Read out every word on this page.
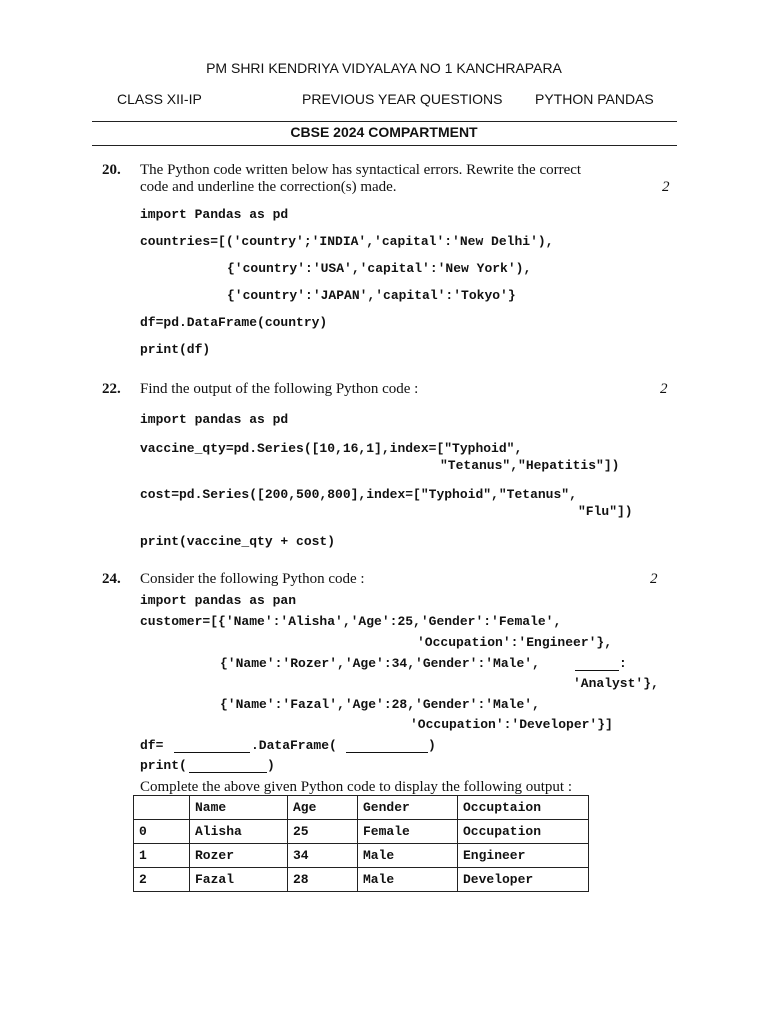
PM SHRI KENDRIYA VIDYALAYA NO 1 KANCHRAPARA
CLASS XII-IP	PREVIOUS YEAR QUESTIONS PYTHON PANDAS
CBSE 2024 COMPARTMENT
20. The Python code written below has syntactical errors. Rewrite the correct
code and underline the correction(s) made.	2
import Pandas as pd
countries=[('country';'INDIA','capital':'New Delhi'),
{'country':'USA','capital':'New York'),
{'country':'JAPAN','capital':'Tokyo'}
df=pd.DataFrame(country)
print(df)
22. Find the output of the following Python code :	2
import pandas as pd
vaccine_qty=pd.Series([10,16,1],index=["Typhoid",
"Tetanus","Hepatitis"])
cost=pd.Series([200,500,800],index=["Typhoid","Tetanus",
"Flu"])
print(vaccine_qty + cost)
24. Consider the following Python code :	2
import pandas as pan
customer=[{'Name':'Alisha','Age':25,'Gender':'Female',
'Occupation':'Engineer'},
{'Name':'Rozer','Age':34,'Gender':'Male',	:
'Analyst'},
{'Name':'Fazal','Age':28,'Gender':'Male',
'Occupation':'Developer'}]
df=	.DataFrame(	)
print(	)
Complete the above given Python code to display the following output :
	Name	Age	Gender	Occuptaion
0	Alisha	25	Female	Occupation
1	Rozer	34	Male	Engineer
2	Fazal	28	Male	Developer
